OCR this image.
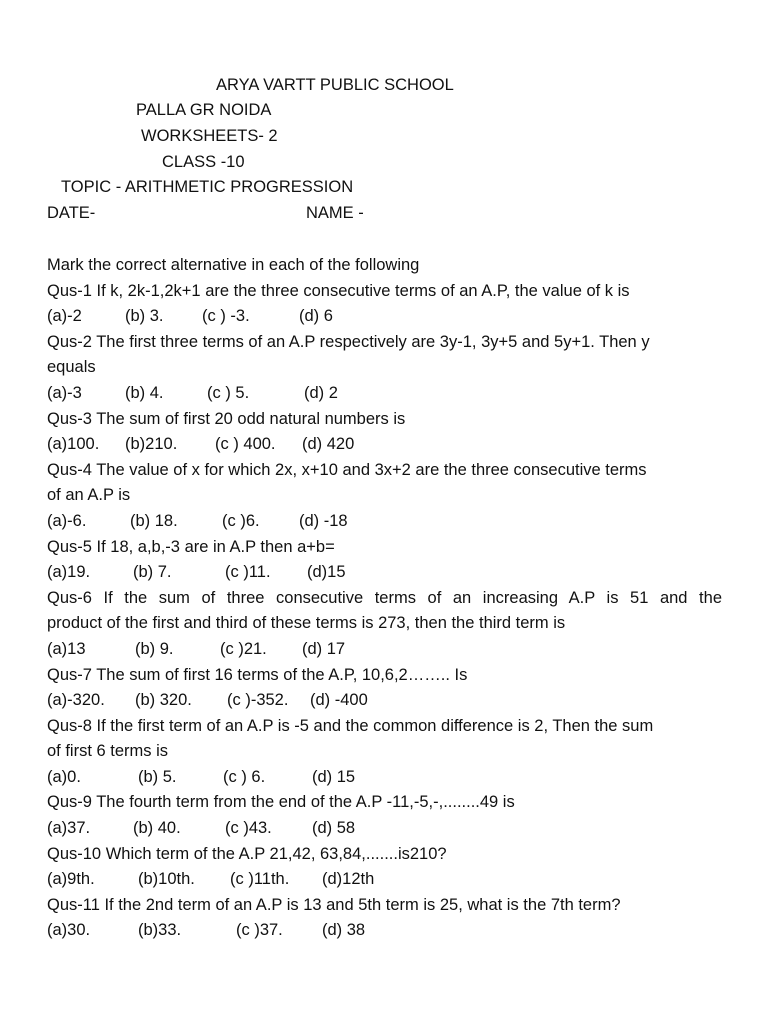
ARYA VARTT PUBLIC SCHOOL
PALLA GR NOIDA
WORKSHEETS- 2
CLASS -10
TOPIC - ARITHMETIC PROGRESSION
DATE-	NAME -
Mark the correct alternative in each of the following
Qus-1 If k, 2k-1,2k+1 are the three consecutive terms of an A.P, the value of k is
(a)-2	(b) 3. (c ) -3.	(d) 6
Qus-2 The first three terms of an A.P respectively are 3y-1, 3y+5 and 5y+1. Then y
equals
(a)-3	(b) 4.	(c ) 5.	(d) 2
Qus-3 The sum of first 20 odd natural numbers is
(a)100. (b)210. (c ) 400. (d) 420
Qus-4 The value of x for which 2x, x+10 and 3x+2 are the three consecutive terms
of an A.P is
(a)-6.	(b) 18.	(c )6. (d) -18
Qus-5 If 18, a,b,-3 are in A.P then a+b=
(a)19.	(b) 7.	(c )11. (d)15
Qus-6 If the sum of three consecutive terms of an increasing A.P is 51 and the
product of the first and third of these terms is 273, then the third term is
(a)13	(b) 9.	(c )21. (d) 17
Qus-7 The sum of first 16 terms of the A.P, 10,6,2…….. Is
(a)-320. (b) 320. (c )-352. (d) -400
Qus-8 If the first term of an A.P is -5 and the common difference is 2, Then the sum
of first 6 terms is
(a)0.	(b) 5.	(c ) 6.	(d) 15
Qus-9 The fourth term from the end of the A.P -11,-5,-,........49 is
(a)37.	(b) 40.	(c )43. (d) 58
Qus-10 Which term of the A.P 21,42, 63,84,.......is210?
(a)9th.	(b)10th. (c )11th. (d)12th
Qus-11 If the 2nd term of an A.P is 13 and 5th term is 25, what is the 7th term?
(a)30.	(b)33.	(c )37. (d) 38
